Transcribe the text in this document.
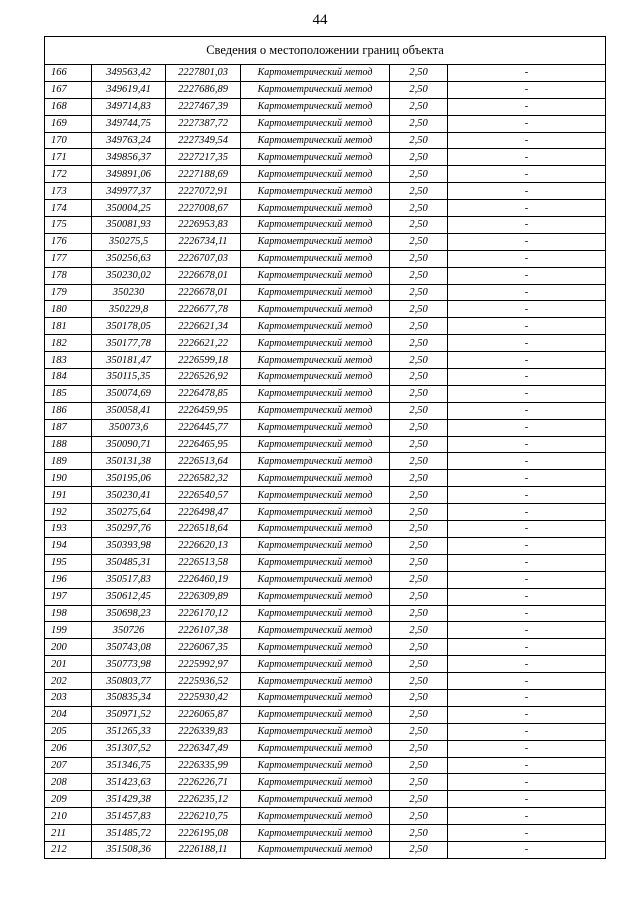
44
Сведения о местоположении границ объекта					
166	349563,42	2227801,03	Картометрический метод	2,50	-
167	349619,41	2227686,89	Картометрический метод	2,50	-
168	349714,83	2227467,39	Картометрический метод	2,50	-
169	349744,75	2227387,72	Картометрический метод	2,50	-
170	349763,24	2227349,54	Картометрический метод	2,50	-
171	349856,37	2227217,35	Картометрический метод	2,50	-
172	349891,06	2227188,69	Картометрический метод	2,50	-
173	349977,37	2227072,91	Картометрический метод	2,50	-
174	350004,25	2227008,67	Картометрический метод	2,50	-
175	350081,93	2226953,83	Картометрический метод	2,50	-
176	350275,5	2226734,11	Картометрический метод	2,50	-
177	350256,63	2226707,03	Картометрический метод	2,50	-
178	350230,02	2226678,01	Картометрический метод	2,50	-
179	350230	2226678,01	Картометрический метод	2,50	-
180	350229,8	2226677,78	Картометрический метод	2,50	-
181	350178,05	2226621,34	Картометрический метод	2,50	-
182	350177,78	2226621,22	Картометрический метод	2,50	-
183	350181,47	2226599,18	Картометрический метод	2,50	-
184	350115,35	2226526,92	Картометрический метод	2,50	-
185	350074,69	2226478,85	Картометрический метод	2,50	-
186	350058,41	2226459,95	Картометрический метод	2,50	-
187	350073,6	2226445,77	Картометрический метод	2,50	-
188	350090,71	2226465,95	Картометрический метод	2,50	-
189	350131,38	2226513,64	Картометрический метод	2,50	-
190	350195,06	2226582,32	Картометрический метод	2,50	-
191	350230,41	2226540,57	Картометрический метод	2,50	-
192	350275,64	2226498,47	Картометрический метод	2,50	-
193	350297,76	2226518,64	Картометрический метод	2,50	-
194	350393,98	2226620,13	Картометрический метод	2,50	-
195	350485,31	2226513,58	Картометрический метод	2,50	-
196	350517,83	2226460,19	Картометрический метод	2,50	-
197	350612,45	2226309,89	Картометрический метод	2,50	-
198	350698,23	2226170,12	Картометрический метод	2,50	-
199	350726	2226107,38	Картометрический метод	2,50	-
200	350743,08	2226067,35	Картометрический метод	2,50	-
201	350773,98	2225992,97	Картометрический метод	2,50	-
202	350803,77	2225936,52	Картометрический метод	2,50	-
203	350835,34	2225930,42	Картометрический метод	2,50	-
204	350971,52	2226065,87	Картометрический метод	2,50	-
205	351265,33	2226339,83	Картометрический метод	2,50	-
206	351307,52	2226347,49	Картометрический метод	2,50	-
207	351346,75	2226335,99	Картометрический метод	2,50	-
208	351423,63	2226226,71	Картометрический метод	2,50	-
209	351429,38	2226235,12	Картометрический метод	2,50	-
210	351457,83	2226210,75	Картометрический метод	2,50	-
211	351485,72	2226195,08	Картометрический метод	2,50	-
212	351508,36	2226188,11	Картометрический метод	2,50	-
